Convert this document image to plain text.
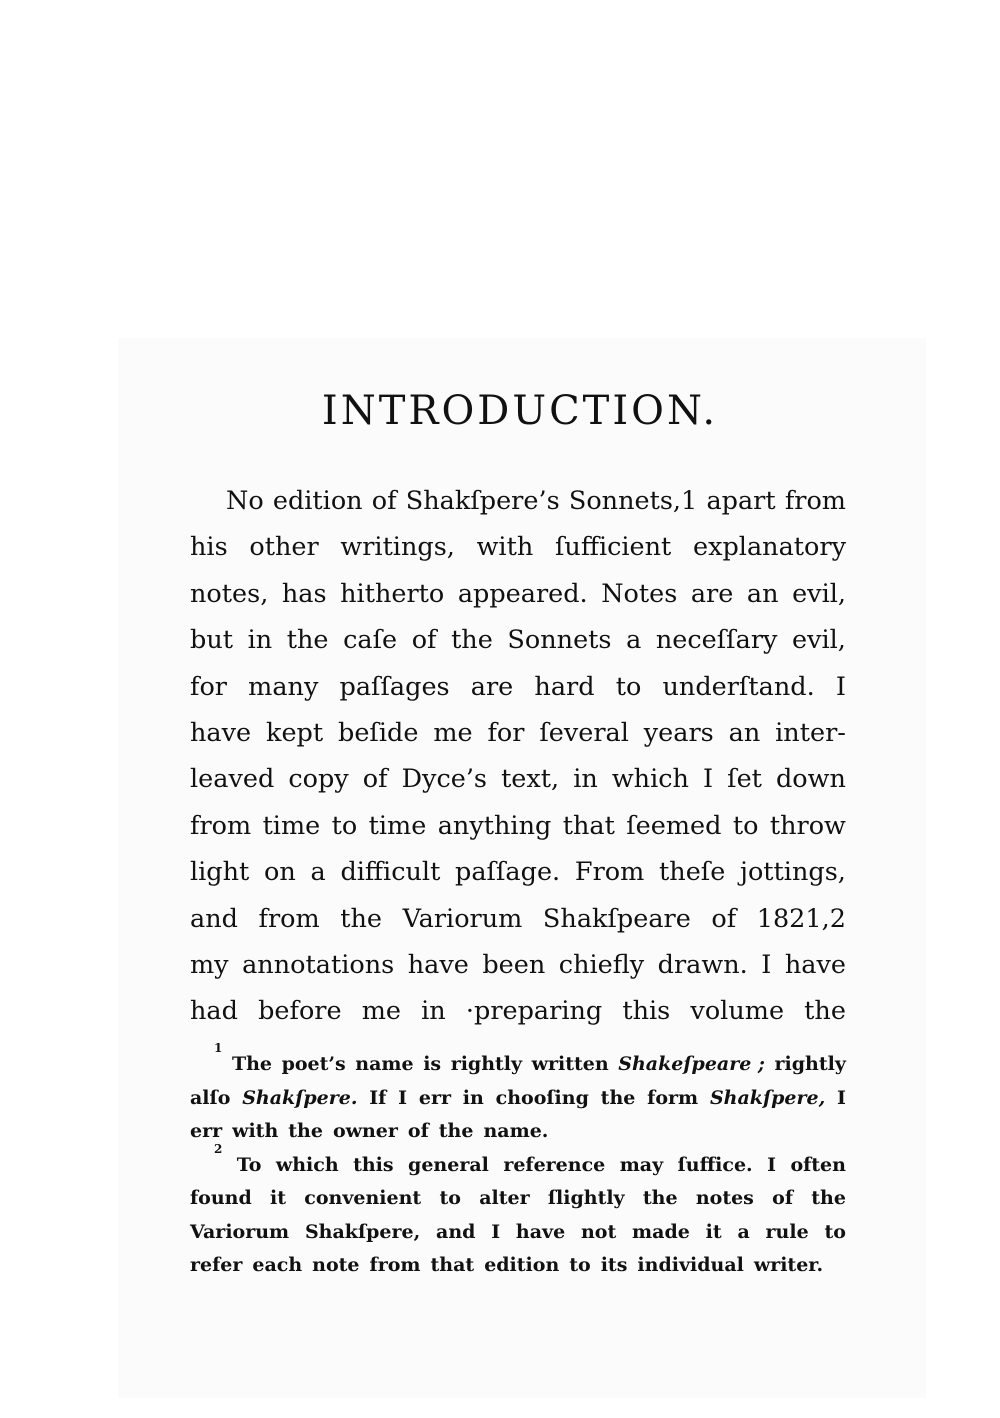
INTRODUCTION.
No edition of Shakſpere’s Sonnets,1 apart from
his other writings, with ſufficient explanatory
notes, has hitherto appeared. Notes are an evil,
but in the caſe of the Sonnets a neceſſary evil,
for many paſſages are hard to underſtand. I
have kept beſide me for ſeveral years an inter-
leaved copy of Dyce’s text, in which I ſet down
from time to time anything that ſeemed to throw
light on a difficult paſſage. From theſe jottings,
and from the Variorum Shakſpeare of 1821,2
my annotations have been chiefly drawn. I have
had before me in ·preparing this volume the
1
The poet’s name is rightly written Shakeſpeare ; rightly
alſo Shakſpere. If I err in chooſing the form Shakſpere, I
err with the owner of the name.
2
To which this general reference may ſuffice. I often
found it convenient to alter ſlightly the notes of the
Variorum Shakſpere, and I have not made it a rule to
refer each note from that edition to its individual writer.
